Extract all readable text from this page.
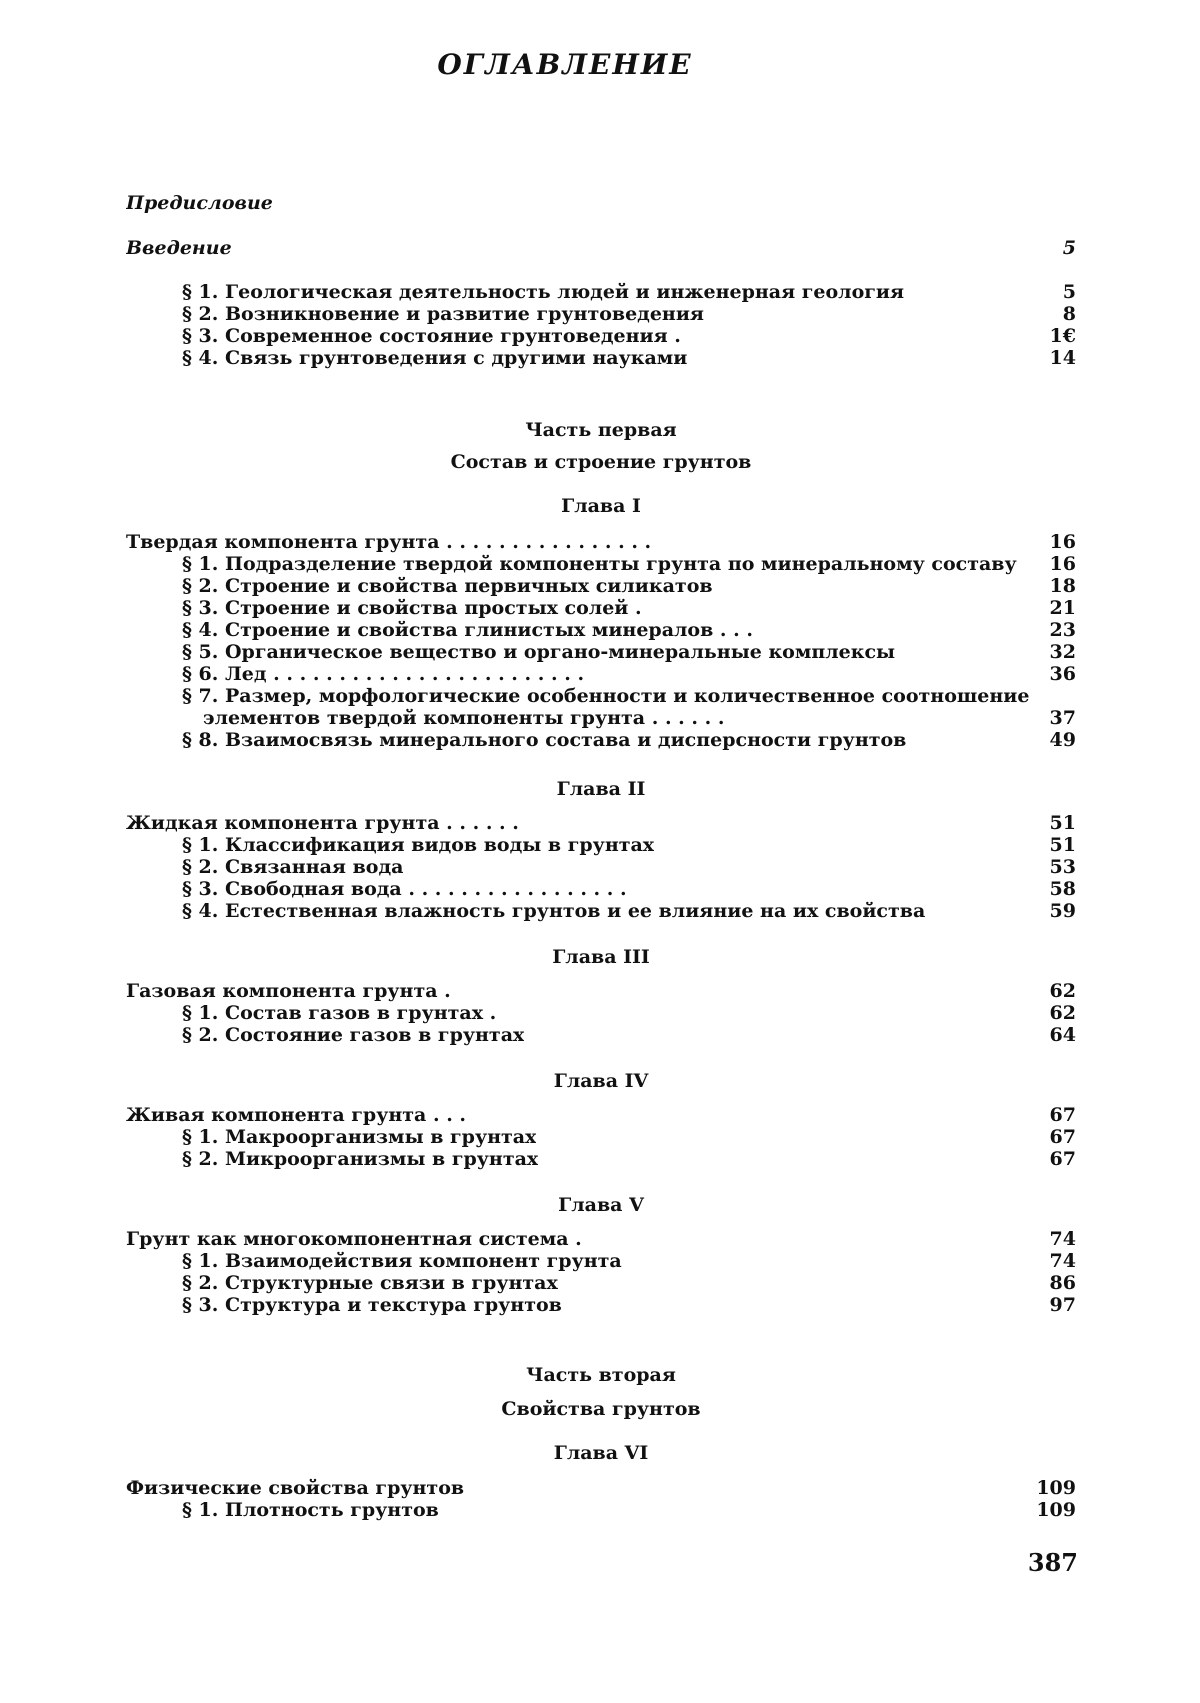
ОГЛАВЛЕНИЕ
Предисловие
Введение	5
§ 1. Геологическая деятельность людей и инженерная геология	5
§ 2. Возникновение и развитие грунтоведения	8
§ 3. Современное состояние грунтоведения .	1€
§ 4. Связь грунтоведения с другими науками	14
Часть первая
Состав и строение грунтов
Глава I
Твердая компонента грунта . . . . . . . . . . . . . . . .	16
§ 1. Подразделение твердой компоненты грунта по минеральному составу	16
§ 2. Строение и свойства первичных силикатов	18
§ 3. Строение и свойства простых солей .	21
§ 4. Строение и свойства глинистых минералов . . .	23
§ 5. Органическое вещество и органо-минеральные комплексы	32
§ 6. Лед . . . . . . . . . . . . . . . . . . . . . . . .	36
§ 7. Размер, морфологические особенности и количественное соотношение
элементов твердой компоненты грунта . . . . . .	37
§ 8. Взаимосвязь минерального состава и дисперсности грунтов	49
Глава II
Жидкая компонента грунта . . . . . .	51
§ 1. Классификация видов воды в грунтах	51
§ 2. Связанная вода	53
§ 3. Свободная вода . . . . . . . . . . . . . . . . .	58
§ 4. Естественная влажность грунтов и ее влияние на их свойства	59
Глава III
Газовая компонента грунта .	62
§ 1. Состав газов в грунтах .	62
§ 2. Состояние газов в грунтах	64
Глава IV
Живая компонента грунта . . .	67
§ 1. Макроорганизмы в грунтах	67
§ 2. Микроорганизмы в грунтах	67
Глава V
Грунт как многокомпонентная система .	74
§ 1. Взаимодействия компонент грунта	74
§ 2. Структурные связи в грунтах	86
§ 3. Структура и текстура грунтов	97
Часть вторая
Свойства грунтов
Глава VI
Физические свойства грунтов	109
§ 1. Плотность грунтов	109
387
